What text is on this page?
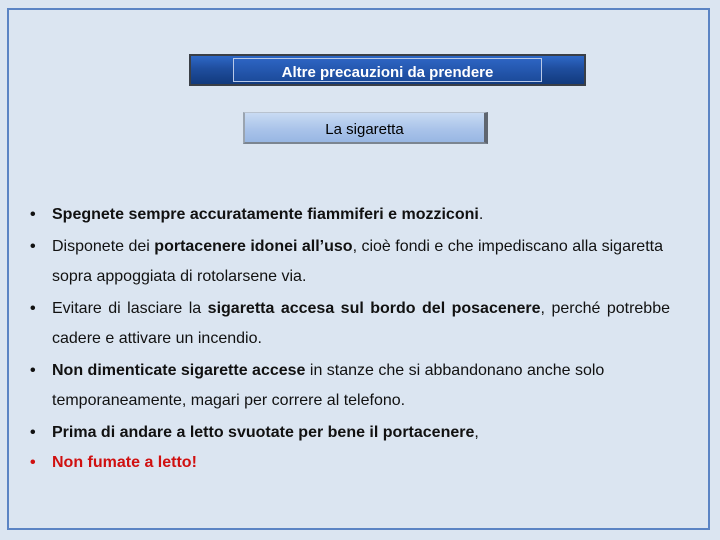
Altre precauzioni da prendere
La sigaretta
• Spegnete sempre accuratamente fiammiferi e mozziconi.
• Disponete dei portacenere idonei all’uso, cioè fondi e che impediscano alla sigaretta sopra appoggiata di rotolarsene via.
• Evitare di lasciare la sigaretta accesa sul bordo del posacenere, perché potrebbe cadere e attivare un incendio.
• Non dimenticate sigarette accese in stanze che si abbandonano anche solo temporaneamente, magari per correre al telefono.
• Prima di andare a letto svuotate per bene il portacenere,
• Non fumate a letto!
